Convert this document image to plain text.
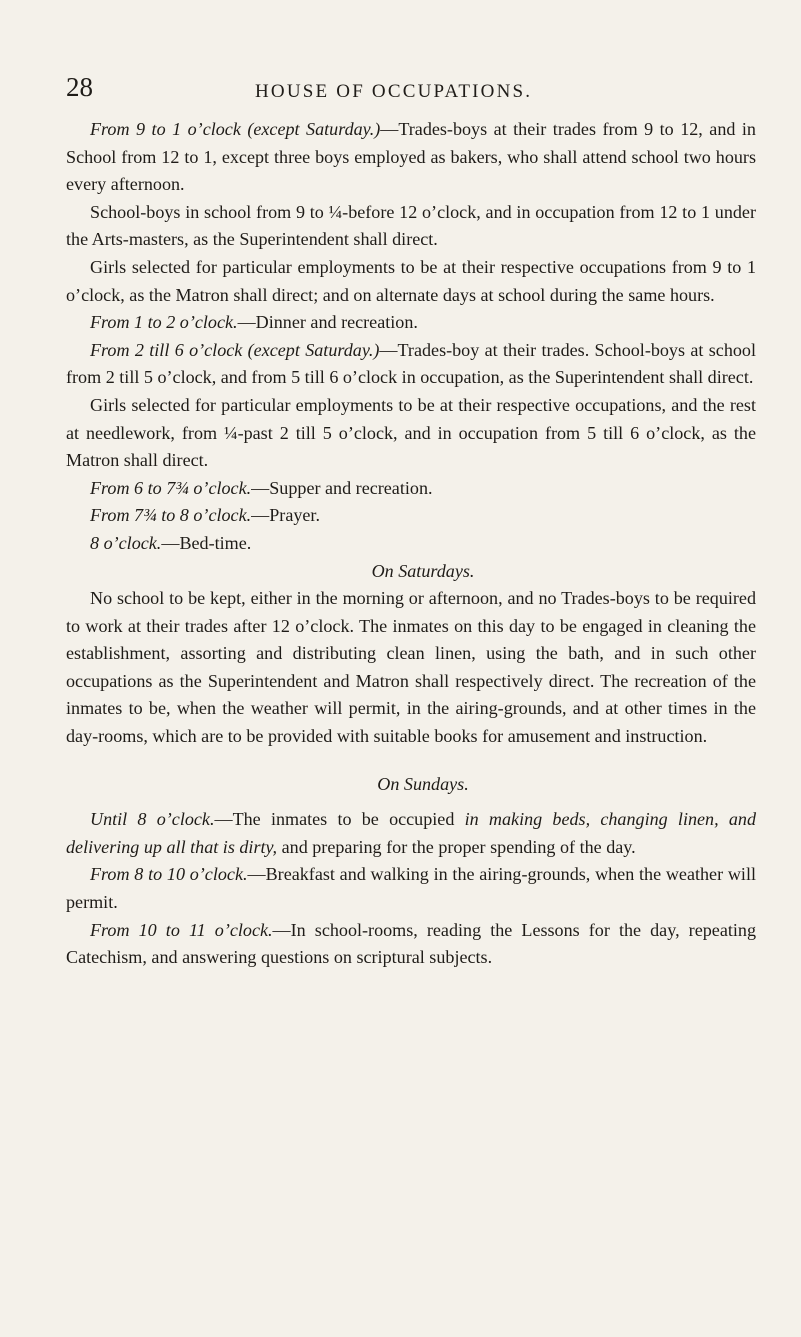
28	HOUSE OF OCCUPATIONS.

From 9 to 1 o’clock (except Saturday.)—Trades-boys at their trades from 9 to 12, and in School from 12 to 1, except three boys employed as bakers, who shall attend school two hours every afternoon.

School-boys in school from 9 to ¼-before 12 o’clock, and in occupation from 12 to 1 under the Arts-masters, as the Superintendent shall direct.

Girls selected for particular employments to be at their respective occupations from 9 to 1 o’clock, as the Matron shall direct; and on alternate days at school during the same hours.

From 1 to 2 o’clock.—Dinner and recreation.

From 2 till 6 o’clock (except Saturday.)—Trades-boy at their trades. School-boys at school from 2 till 5 o’clock, and from 5 till 6 o’clock in occupation, as the Superintendent shall direct.

Girls selected for particular employments to be at their respective occupations, and the rest at needlework, from ¼-past 2 till 5 o’clock, and in occupation from 5 till 6 o’clock, as the Matron shall direct.

From 6 to 7¾ o’clock.—Supper and recreation.

From 7¾ to 8 o’clock.—Prayer.

8 o’clock.—Bed-time.

On Saturdays.

No school to be kept, either in the morning or afternoon, and no Trades-boys to be required to work at their trades after 12 o’clock. The inmates on this day to be engaged in cleaning the establishment, assorting and distributing clean linen, using the bath, and in such other occupations as the Superintendent and Matron shall respectively direct. The recreation of the inmates to be, when the weather will permit, in the airing-grounds, and at other times in the day-rooms, which are to be provided with suitable books for amusement and instruction.

On Sundays.

Until 8 o’clock.—The inmates to be occupied in making beds, changing linen, and delivering up all that is dirty, and preparing for the proper spending of the day.

From 8 to 10 o’clock.—Breakfast and walking in the airing-grounds, when the weather will permit.

From 10 to 11 o’clock.—In school-rooms, reading the Lessons for the day, repeating Catechism, and answering questions on scriptural subjects.
